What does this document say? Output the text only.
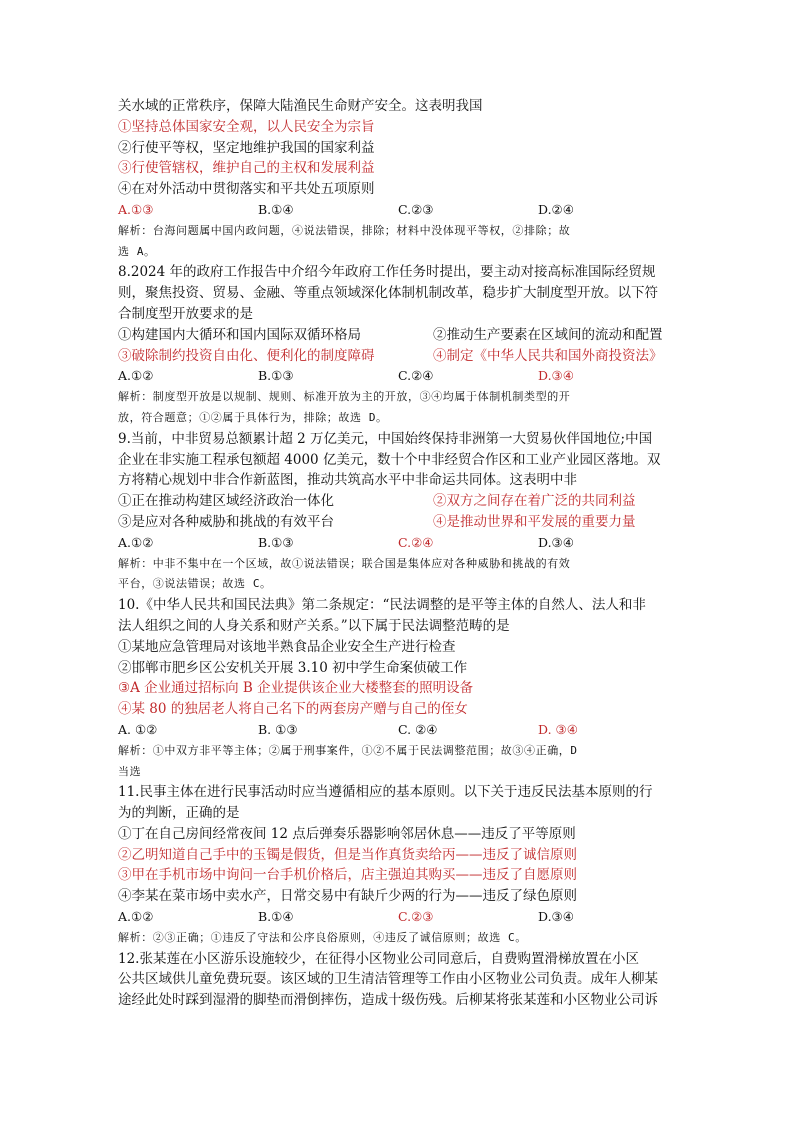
关水域的正常秩序，保障大陆渔民生命财产安全。这表明我国
①坚持总体国家安全观，以人民安全为宗旨
②行使平等权，坚定地维护我国的国家利益
③行使管辖权，维护自己的主权和发展利益
④在对外活动中贯彻落实和平共处五项原则
A.①③	B.①④	C.②③	D.②④
解析：台海问题属中国内政问题，④说法错误，排除；材料中没体现平等权，②排除；故
选 A。
8.2024 年的政府工作报告中介绍今年政府工作任务时提出，要主动对接高标准国际经贸规
则，聚焦投资、贸易、金融、等重点领域深化体制机制改革，稳步扩大制度型开放。以下符
合制度型开放要求的是
①构建国内大循环和国内国际双循环格局	②推动生产要素在区域间的流动和配置
③破除制约投资自由化、便利化的制度障碍	④制定《中华人民共和国外商投资法》
A.①②	B.①③	C.②④	D.③④
解析：制度型开放是以规制、规则、标准开放为主的开放，③④均属于体制机制类型的开
放，符合题意；①②属于具体行为，排除；故选 D。
9.当前，中非贸易总额累计超 2 万亿美元，中国始终保持非洲第一大贸易伙伴国地位;中国
企业在非实施工程承包额超 4000 亿美元，数十个中非经贸合作区和工业产业园区落地。双
方将精心规划中非合作新蓝图，推动共筑高水平中非命运共同体。这表明中非
①正在推动构建区域经济政治一体化	②双方之间存在着广泛的共同利益
③是应对各种威胁和挑战的有效平台	④是推动世界和平发展的重要力量
A.①②	B.①③	C.②④	D.③④
解析：中非不集中在一个区域，故①说法错误；联合国是集体应对各种威胁和挑战的有效
平台，③说法错误；故选 C。
10.《中华人民共和国民法典》第二条规定：“民法调整的是平等主体的自然人、法人和非
法人组织之间的人身关系和财产关系。”以下属于民法调整范畴的是
①某地应急管理局对该地半熟食品企业安全生产进行检查
②邯郸市肥乡区公安机关开展 3.10 初中学生命案侦破工作
③A 企业通过招标向 B 企业提供该企业大楼整套的照明设备
④某 80 的独居老人将自己名下的两套房产赠与自己的侄女
A. ①②	B. ①③	C. ②④	D. ③④
解析：①中双方非平等主体；②属于刑事案件，①②不属于民法调整范围；故③④正确，D
当选
11.民事主体在进行民事活动时应当遵循相应的基本原则。以下关于违反民法基本原则的行
为的判断，正确的是
①丁在自己房间经常夜间 12 点后弹奏乐器影响邻居休息——违反了平等原则
②乙明知道自己手中的玉镯是假货，但是当作真货卖给丙——违反了诚信原则
③甲在手机市场中询问一台手机价格后，店主强迫其购买——违反了自愿原则
④李某在菜市场中卖水产，日常交易中有缺斤少两的行为——违反了绿色原则
A.①②	B.①④	C.②③	D.③④
解析：②③正确；①违反了守法和公序良俗原则，④违反了诚信原则；故选 C。
12.张某莲在小区游乐设施较少，在征得小区物业公司同意后，自费购置滑梯放置在小区
公共区域供儿童免费玩耍。该区域的卫生清洁管理等工作由小区物业公司负责。成年人柳某
途经此处时踩到湿滑的脚垫而滑倒摔伤，造成十级伤残。后柳某将张某莲和小区物业公司诉
